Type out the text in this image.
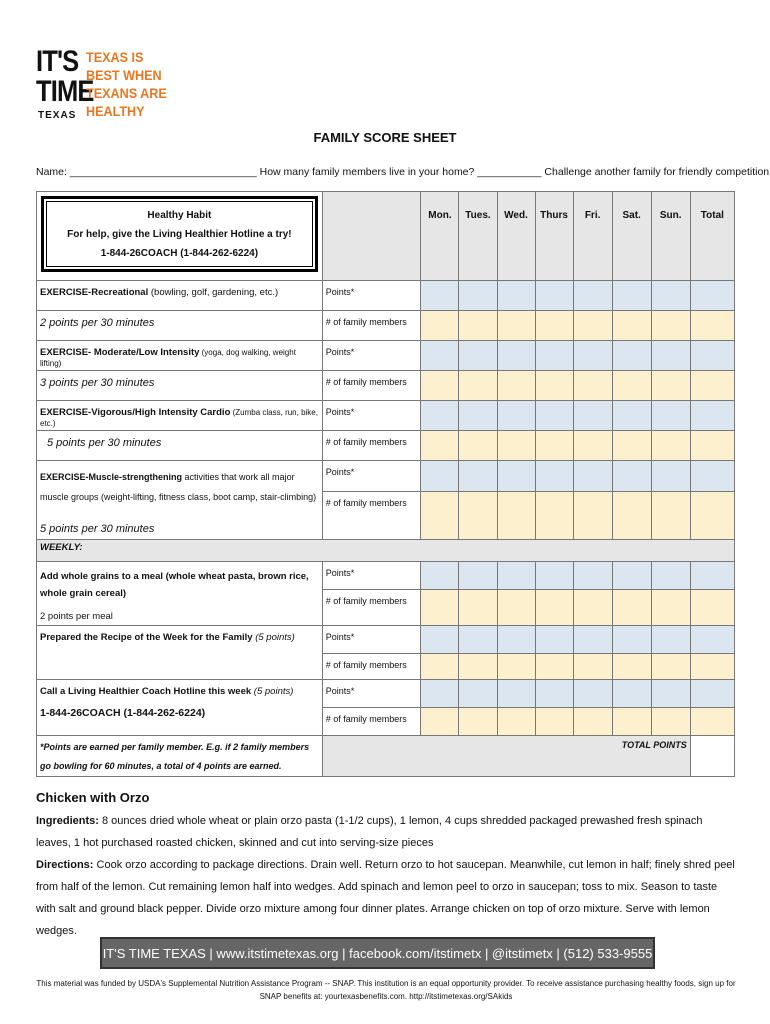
IT'S
TIME
TEXAS
TEXAS IS
BEST WHEN
TEXANS ARE
HEALTHY
FAMILY SCORE SHEET
Name: ________________________________ How many family members live in your home? ___________ Challenge another family for friendly competition
Healthy Habit
For help, give the Living Healthier Hotline a try!
1-844-26COACH (1-844-262-6224)		Mon.	Tues.	Wed.	Thurs	Fri.	Sat.	Sun.	Total
EXERCISE-Recreational (bowling, golf, gardening, etc.)	Points*								
2 points per 30 minutes	# of family members								
EXERCISE- Moderate/Low Intensity (yoga, dog walking, weight lifting)	Points*								
3 points per 30 minutes	# of family members								
EXERCISE-Vigorous/High Intensity Cardio (Zumba class, run, bike, etc.)	Points*								
5 points per 30 minutes	# of family members								
EXERCISE-Muscle-strengthening activities that work all major muscle groups (weight-lifting, fitness class, boot camp, stair-climbing)
5 points per 30 minutes	Points*								
	# of family members								
WEEKLY:									
Add whole grains to a meal (whole wheat pasta, brown rice, whole grain cereal)
2 points per meal	Points*								
	# of family members								
Prepared the Recipe of the Week for the Family (5 points)	Points*								
	# of family members								
Call a Living Healthier Coach Hotline this week (5 points)
1-844-26COACH (1-844-262-6224)	Points*								
	# of family members								
*Points are earned per family member. E.g. if 2 family members go bowling for 60 minutes, a total of 4 points are earned.	TOTAL POINTS								
Chicken with Orzo
Ingredients: 8 ounces dried whole wheat or plain orzo pasta (1-1/2 cups), 1 lemon, 4 cups shredded packaged prewashed fresh spinach leaves, 1 hot purchased roasted chicken, skinned and cut into serving-size pieces
Directions: Cook orzo according to package directions. Drain well. Return orzo to hot saucepan. Meanwhile, cut lemon in half; finely shred peel from half of the lemon. Cut remaining lemon half into wedges. Add spinach and lemon peel to orzo in saucepan; toss to mix. Season to taste with salt and ground black pepper. Divide orzo mixture among four dinner plates. Arrange chicken on top of orzo mixture. Serve with lemon wedges.
IT'S TIME TEXAS | www.itstimetexas.org | facebook.com/itstimetx | @itstimetx | (512) 533-9555
This material was funded by USDA's Supplemental Nutrition Assistance Program -- SNAP. This institution is an equal opportunity provider. To receive assistance purchasing healthy foods, sign up for SNAP benefits at: yourtexasbenefits.com. http://itstimetexas.org/SAkids
